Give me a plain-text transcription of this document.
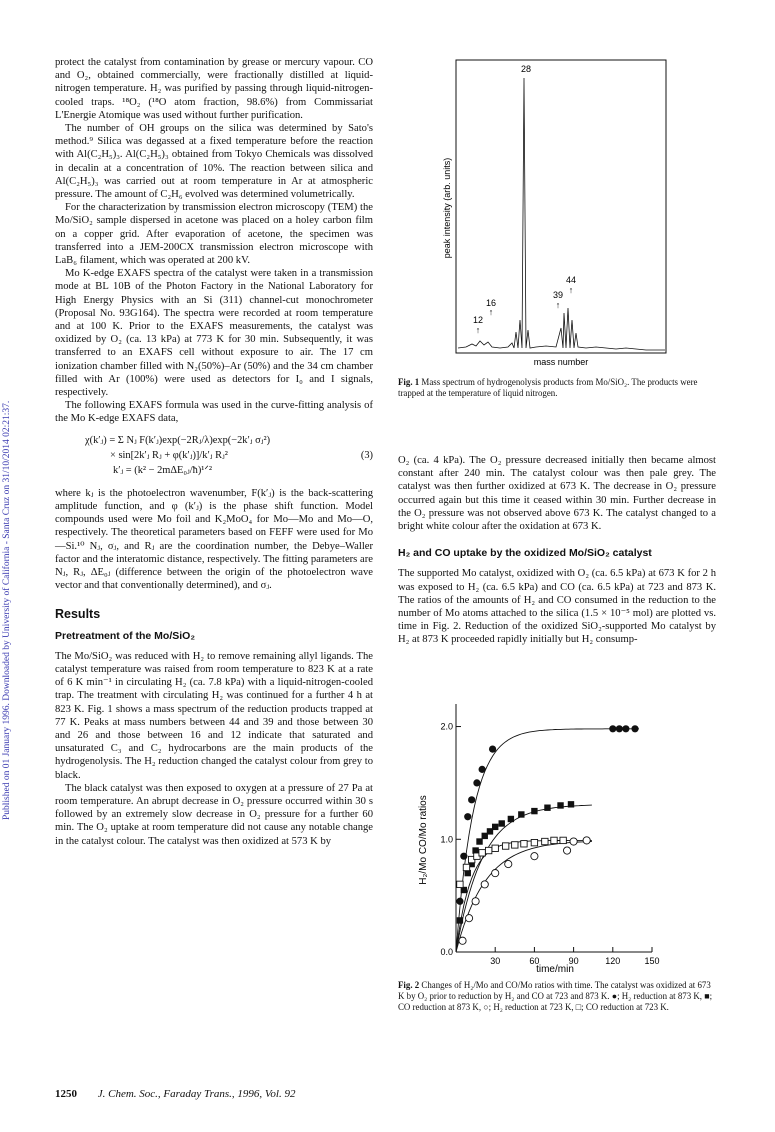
Published on 01 January 1996. Downloaded by University of California - Santa Cruz on 31/10/2014 02:21:37.

protect the catalyst from contamination by grease or mercury vapour. CO and O₂, obtained commercially, were fractionally distilled at liquid-nitrogen temperature. H₂ was purified by passing through liquid-nitrogen-cooled traps. ¹⁸O₂ (¹⁸O atom fraction, 98.6%) from Commissariat L'Energie Atomique was used without further purification.

The number of OH groups on the silica was determined by Sato's method.⁹ Silica was degassed at a fixed temperature before the reaction with Al(C₂H₅)₃. Al(C₂H₅)₃ obtained from Tokyo Chemicals was dissolved in decalin at a concentration of 10%. The reaction between silica and Al(C₂H₅)₃ was carried out at room temperature in Ar at atmospheric pressure. The amount of C₂H₆ evolved was determined volumetrically.

For the characterization by transmission electron microscopy (TEM) the Mo/SiO₂ sample dispersed in acetone was placed on a holey carbon film on a copper grid. After evaporation of acetone, the specimen was transferred into a JEM-200CX transmission electron microscope with LaB₆ filament, which was operated at 200 kV.

Mo K-edge EXAFS spectra of the catalyst were taken in a transmission mode at BL 10B of the Photon Factory in the National Laboratory for High Energy Physics with an Si (311) channel-cut monochrometer (Proposal No. 93G164). The spectra were recorded at room temperature and at 100 K. Prior to the EXAFS measurements, the catalyst was oxidized by O₂ (ca. 13 kPa) at 773 K for 30 min. Subsequently, it was transferred to an EXAFS cell without exposure to air. The 17 cm ionization chamber filled with N₂(50%)–Ar (50%) and the 34 cm chamber filled with Ar (100%) were used as detectors for I₀ and I signals, respectively.

The following EXAFS formula was used in the curve-fitting analysis of the Mo K-edge EXAFS data,

χ(k′ⱼ) = Σ Nⱼ F(k′ⱼ)exp(−2Rⱼ/λ)exp(−2k′ⱼ σⱼ²)
× sin[2k′ⱼ Rⱼ + φ(k′ⱼ)]/k′ⱼ Rⱼ²
k′ⱼ = (k² − 2mΔE₀ⱼ/ħ)¹ᐟ²
(3)

where kⱼ is the photoelectron wavenumber, F(k′ⱼ) is the back-scattering amplitude function, and φ (k′ⱼ) is the phase shift function. Model compounds used were Mo foil and K₂MoO₄ for Mo—Mo and Mo—O, respectively. The theoretical parameters based on FEFF were used for Mo—Si.¹⁰ Nⱼ, σⱼ, and Rⱼ are the coordination number, the Debye–Waller factor and the interatomic distance, respectively. The fitting parameters are Nⱼ, Rⱼ, ΔE₀ⱼ (difference between the origin of the photoelectron wave vector and that conventionally determined), and σⱼ.

Results
Pretreatment of the Mo/SiO₂

The Mo/SiO₂ was reduced with H₂ to remove remaining allyl ligands. The catalyst temperature was raised from room temperature to 823 K at a rate of 6 K min⁻¹ in circulating H₂ (ca. 7.8 kPa) with a liquid-nitrogen-cooled trap. The treatment with circulating H₂ was continued for a further 4 h at 823 K. Fig. 1 shows a mass spectrum of the reduction products trapped at 77 K. Peaks at mass numbers between 44 and 39 and those between 30 and 26 and those between 16 and 12 indicate that saturated and unsaturated C₃ and C₂ hydrocarbons are the main products of the hydrogenolysis. The H₂ reduction changed the catalyst colour from grey to black.

The black catalyst was then exposed to oxygen at a pressure of 27 Pa at room temperature. An abrupt decrease in O₂ pressure occurred within 30 s followed by an extremely slow decrease in O₂ pressure for a further 60 min. The O₂ uptake at room temperature did not cause any notable change in the catalyst colour. The catalyst was then oxidized at 573 K by

peak intensity (arb. units)
mass number
28
16
↑
12
↑
44
↑
39
↑
Fig. 1 Mass spectrum of hydrogenolysis products from Mo/SiO₂. The products were trapped at the temperature of liquid nitrogen.

O₂ (ca. 4 kPa). The O₂ pressure decreased initially then became almost constant after 240 min. The catalyst colour was then pale grey. The catalyst was then further oxidized at 673 K. The decrease in O₂ pressure occurred again but this time it ceased within 30 min. Further decrease in the O₂ pressure was not observed above 673 K. The catalyst changed to a bright white colour after the oxidation at 673 K.

H₂ and CO uptake by the oxidized Mo/SiO₂ catalyst

The supported Mo catalyst, oxidized with O₂ (ca. 6.5 kPa) at 673 K for 2 h was exposed to H₂ (ca. 6.5 kPa) and CO (ca. 6.5 kPa) at 723 and 873 K. The ratios of the amounts of H₂ and CO consumed in the reduction to the number of Mo atoms attached to the silica (1.5 × 10⁻⁵ mol) are plotted vs. time in Fig. 2. Reduction of the oxidized SiO₂-supported Mo catalyst by H₂ at 873 K proceeded rapidly initially but H₂ consump-

30	60	90	120	150
0.0
1.0
2.0
time/min
H₂/Mo CO/Mo ratios
Fig. 2 Changes of H₂/Mo and CO/Mo ratios with time. The catalyst was oxidized at 673 K by O₂ prior to reduction by H₂ and CO at 723 and 873 K. ●; H₂ reduction at 873 K, ■; CO reduction at 873 K, ○; H₂ reduction at 723 K, □; CO reduction at 723 K.
1250 J. Chem. Soc., Faraday Trans., 1996, Vol. 92
